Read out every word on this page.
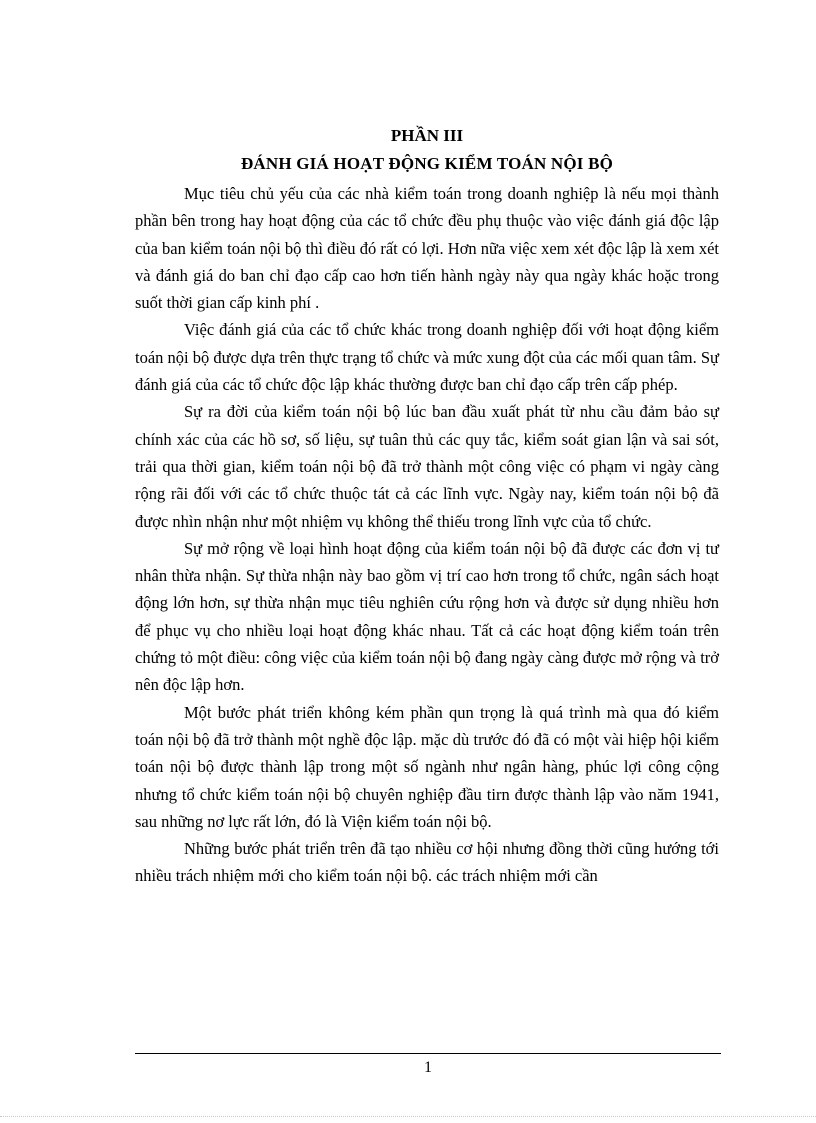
PHẦN III
ĐÁNH GIÁ HOẠT ĐỘNG KIỂM TOÁN NỘI BỘ

Mục tiêu chủ yếu của các nhà kiểm toán trong doanh nghiệp là nếu mọi thành phần bên trong hay hoạt động của các tổ chức đều phụ thuộc vào việc đánh giá độc lập của ban kiểm toán nội bộ thì điều đó rất có lợi. Hơn nữa việc xem xét độc lập là xem xét và đánh giá do ban chỉ đạo cấp cao hơn tiến hành ngày này qua ngày khác hoặc trong suốt thời gian cấp kinh phí .

Việc đánh giá của các tổ chức khác trong doanh nghiệp đối với hoạt động kiểm toán nội bộ được dựa trên thực trạng tổ chức và mức xung đột của các mối quan tâm. Sự đánh giá của các tổ chức độc lập khác thường được ban chỉ đạo cấp trên cấp phép.

Sự ra đời của kiểm toán nội bộ lúc ban đầu xuất phát từ nhu cầu đảm bảo sự chính xác của các hồ sơ, số liệu, sự tuân thủ các quy tắc, kiểm soát gian lận và sai sót, trải qua thời gian, kiểm toán nội bộ đã trở thành một công việc có phạm vi ngày càng rộng rãi đối với các tổ chức thuộc tát cả các lĩnh vực. Ngày nay, kiểm toán nội bộ đã được nhìn nhận như một nhiệm vụ không thể thiếu trong lĩnh vực của tổ chức.

Sự mở rộng về loại hình hoạt động của kiểm toán nội bộ đã được các đơn vị tư nhân thừa nhận. Sự thừa nhận này bao gồm vị trí cao hơn trong tổ chức, ngân sách hoạt động lớn hơn, sự thừa nhận mục tiêu nghiên cứu rộng hơn và được sử dụng nhiều hơn để phục vụ cho nhiều loại hoạt động khác nhau. Tất cả các hoạt động kiểm toán trên chứng tỏ một điều: công việc của kiểm toán nội bộ đang ngày càng được mở rộng và trở nên độc lập hơn.

Một bước phát triển không kém phần qun trọng là quá trình mà qua đó kiểm toán nội bộ đã trở thành một nghề độc lập. mặc dù trước đó đã có một vài hiệp hội kiểm toán nội bộ được thành lập trong một số ngành như ngân hàng, phúc lợi công cộng nhưng tổ chức kiểm toán nội bộ chuyên nghiệp đầu tirn được thành lập vào năm 1941, sau những nơ lực rất lớn, đó là Viện kiểm toán nội bộ.

Những bước phát triển trên đã tạo nhiều cơ hội nhưng đồng thời cũng hướng tới nhiều trách nhiệm mới cho kiểm toán nội bộ. các trách nhiệm mới cần

1
